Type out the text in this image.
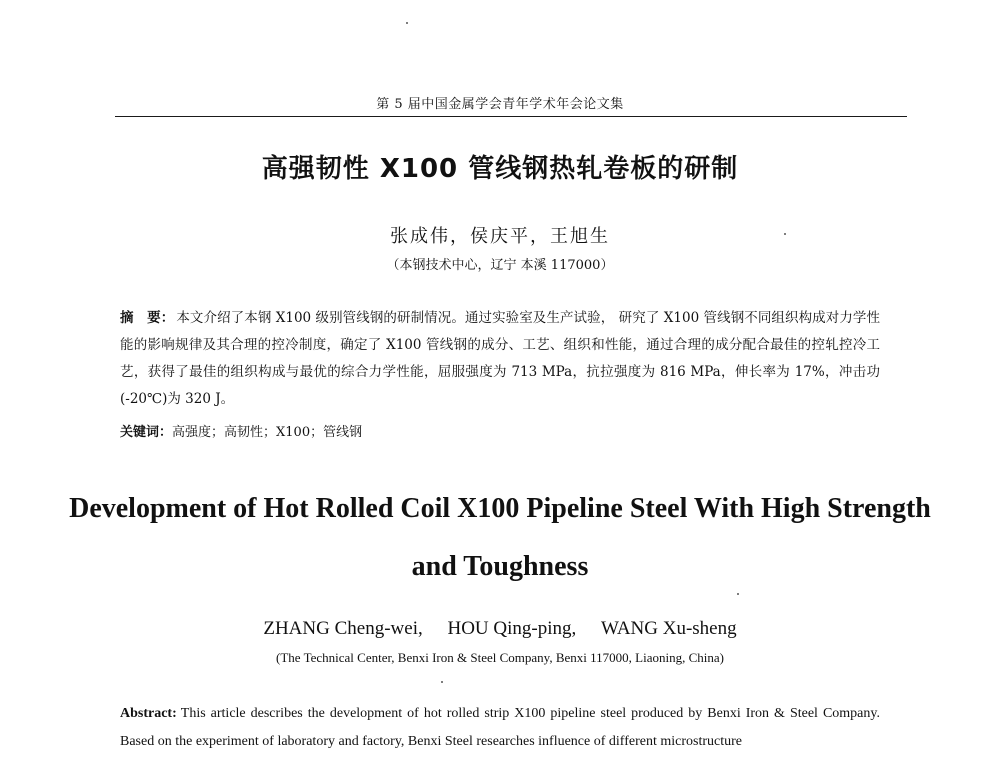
第 5 届中国金属学会青年学术年会论文集
高强韧性 X100 管线钢热轧卷板的研制
张成伟，侯庆平，王旭生
（本钢技术中心，辽宁 本溪 117000）
摘　要： 本文介绍了本钢 X100 级别管线钢的研制情况。通过实验室及生产试验， 研究了 X100 管线钢不同组织构成对力学性能的影响规律及其合理的控冷制度，确定了 X100 管线钢的成分、工艺、组织和性能，通过合理的成分配合最佳的控轧控冷工艺，获得了最佳的组织构成与最优的综合力学性能，屈服强度为 713 MPa，抗拉强度为 816 MPa，伸长率为 17%，冲击功(-20℃)为 320 J。
关键词：高强度；高韧性；X100；管线钢
Development of Hot Rolled Coil X100 Pipeline Steel With High Strength and Toughness
ZHANG Cheng-wei, HOU Qing-ping, WANG Xu-sheng
(The Technical Center, Benxi Iron & Steel Company, Benxi 117000, Liaoning, China)
Abstract: This article describes the development of hot rolled strip X100 pipeline steel produced by Benxi Iron & Steel Company. Based on the experiment of laboratory and factory, Benxi Steel researches influence of different microstructure
